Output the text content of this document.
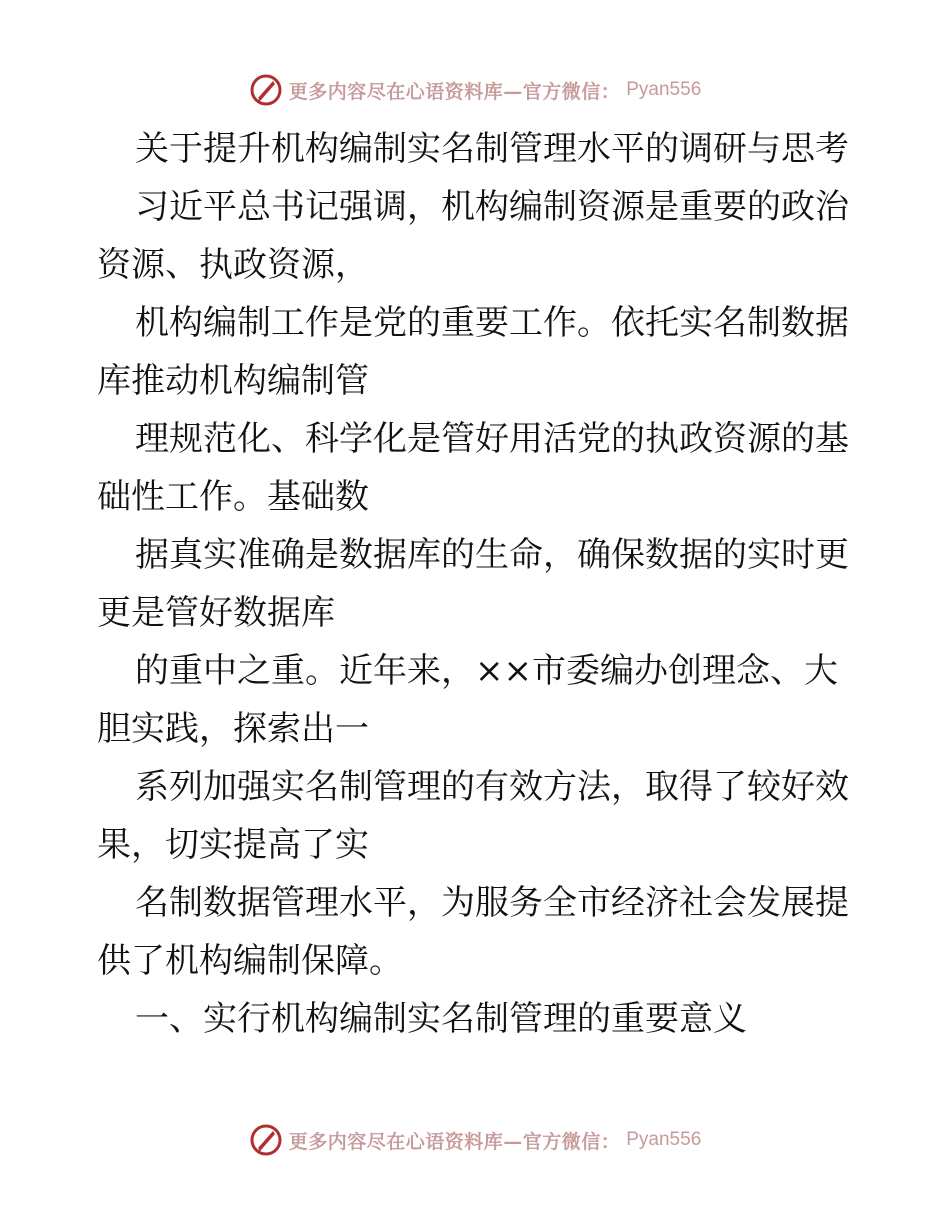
更多内容尽在心语资料库—官方微信： Pyan556

关于提升机构编制实名制管理水平的调研与思考

习近平总书记强调，机构编制资源是重要的政治资源、执政资源，

机构编制工作是党的重要工作。依托实名制数据库推动机构编制管

理规范化、科学化是管好用活党的执政资源的基础性工作。基础数

据真实准确是数据库的生命，确保数据的实时更更是管好数据库

的重中之重。近年来，××市委编办创理念、大胆实践，探索出一

系列加强实名制管理的有效方法，取得了较好效果，切实提高了实

名制数据管理水平，为服务全市经济社会发展提供了机构编制保障。

一、实行机构编制实名制管理的重要意义

更多内容尽在心语资料库—官方微信： Pyan556
